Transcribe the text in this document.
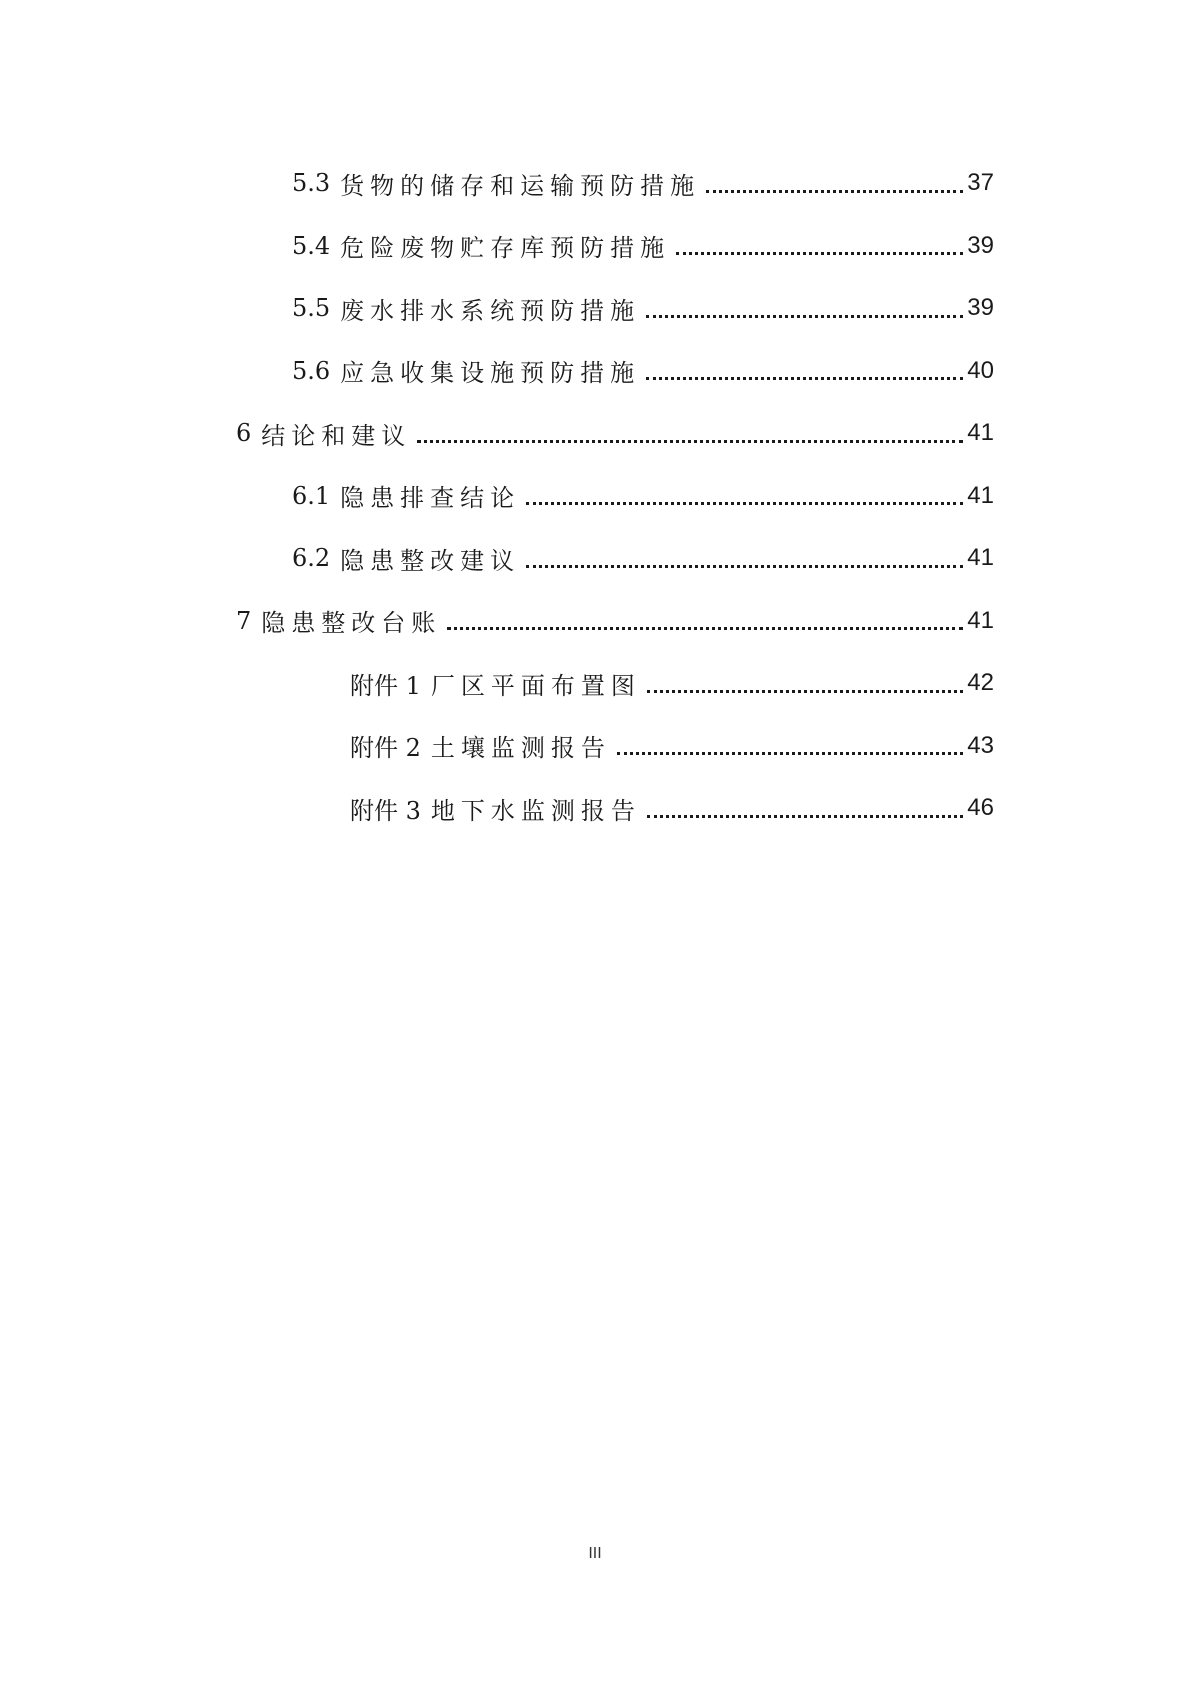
5.3 货物的储存和运输预防措施	37
5.4 危险废物贮存库预防措施	39
5.5 废水排水系统预防措施	39
5.6 应急收集设施预防措施	40
6 结论和建议	41
6.1 隐患排查结论	41
6.2 隐患整改建议	41
7 隐患整改台账	41
附件 1 厂区平面布置图	42
附件 2 土壤监测报告	43
附件 3 地下水监测报告	46
III
